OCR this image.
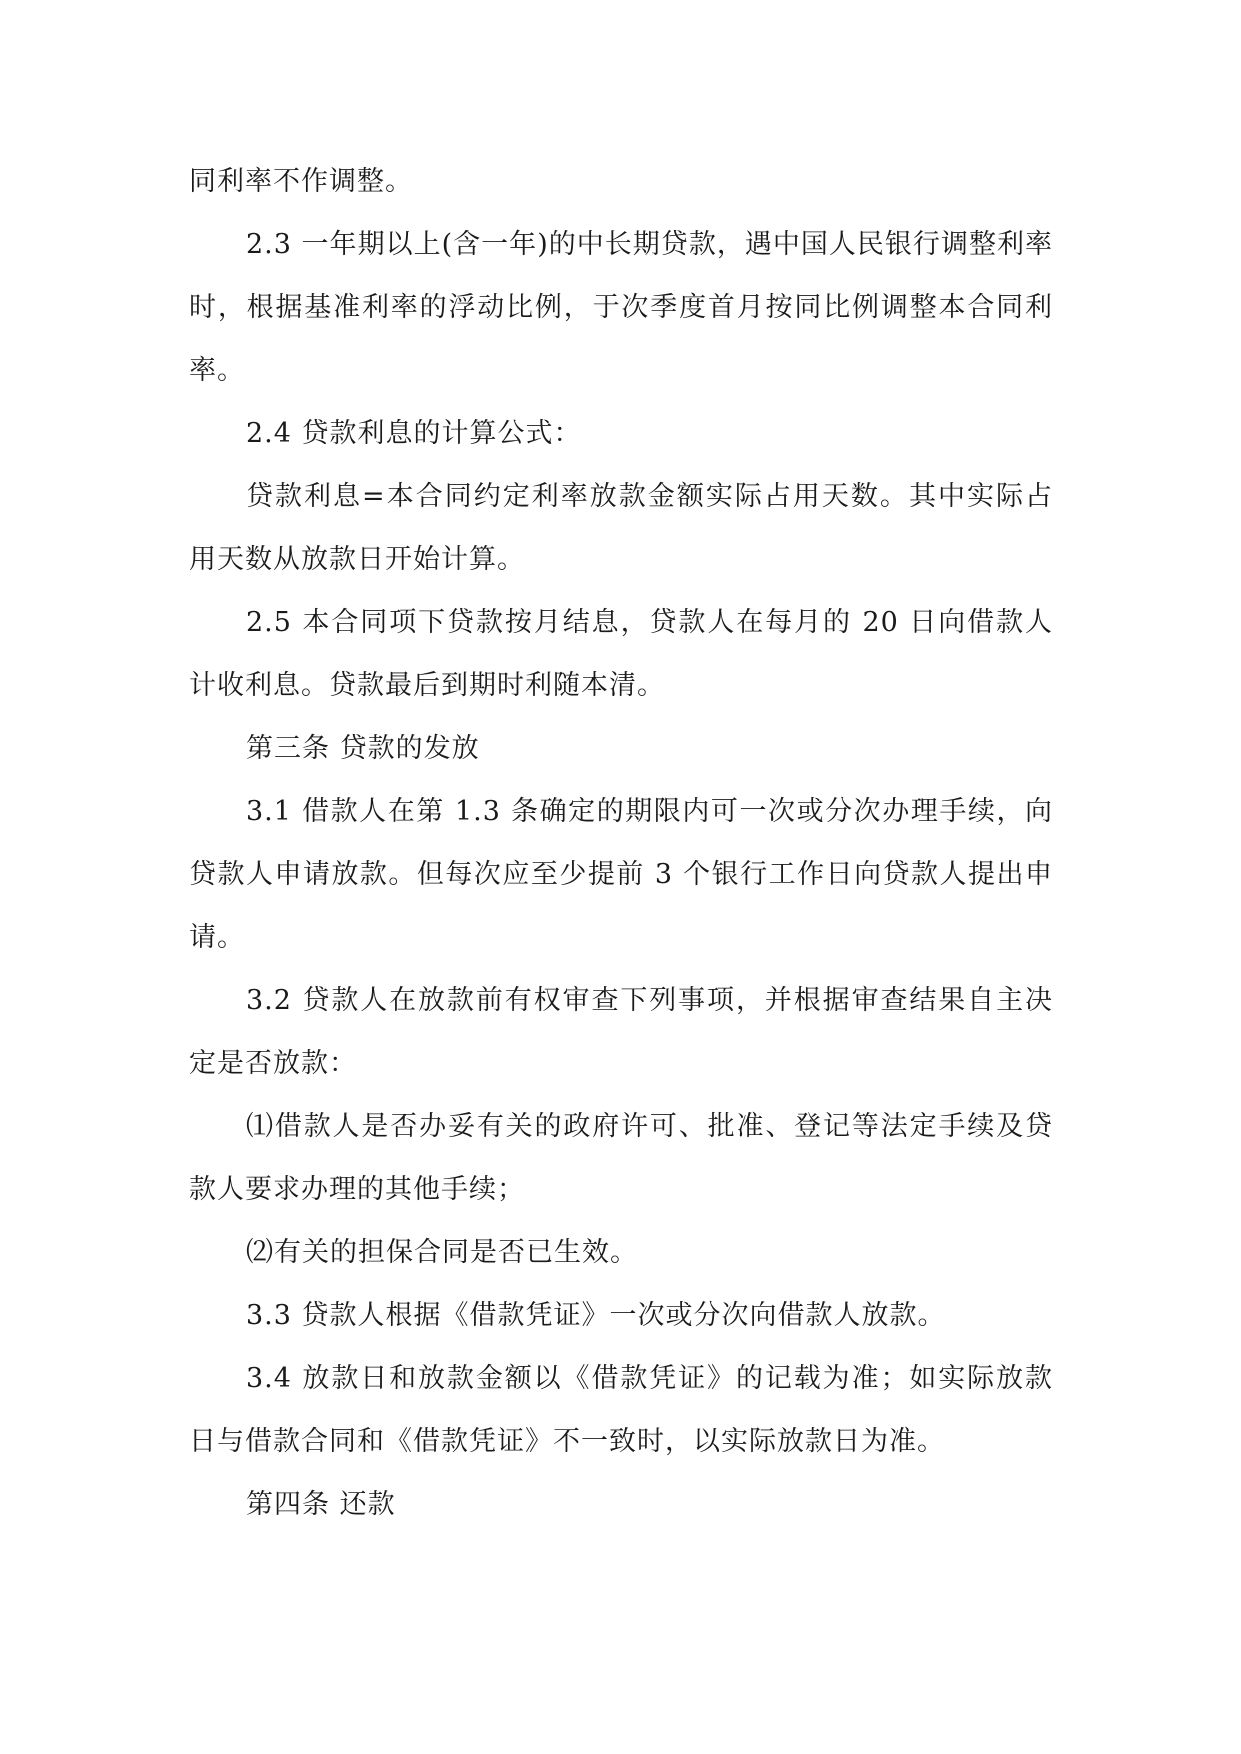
同利率不作调整。

2.3 一年期以上(含一年)的中长期贷款，遇中国人民银行调整利率时，根据基准利率的浮动比例，于次季度首月按同比例调整本合同利率。

2.4 贷款利息的计算公式：

贷款利息=本合同约定利率放款金额实际占用天数。其中实际占用天数从放款日开始计算。

2.5 本合同项下贷款按月结息，贷款人在每月的 20 日向借款人计收利息。贷款最后到期时利随本清。

第三条 贷款的发放

3.1 借款人在第 1.3 条确定的期限内可一次或分次办理手续，向贷款人申请放款。但每次应至少提前 3 个银行工作日向贷款人提出申请。

3.2 贷款人在放款前有权审查下列事项，并根据审查结果自主决定是否放款：

⑴借款人是否办妥有关的政府许可、批准、登记等法定手续及贷款人要求办理的其他手续；

⑵有关的担保合同是否已生效。

3.3 贷款人根据《借款凭证》一次或分次向借款人放款。

3.4 放款日和放款金额以《借款凭证》的记载为准；如实际放款日与借款合同和《借款凭证》不一致时，以实际放款日为准。

第四条 还款
